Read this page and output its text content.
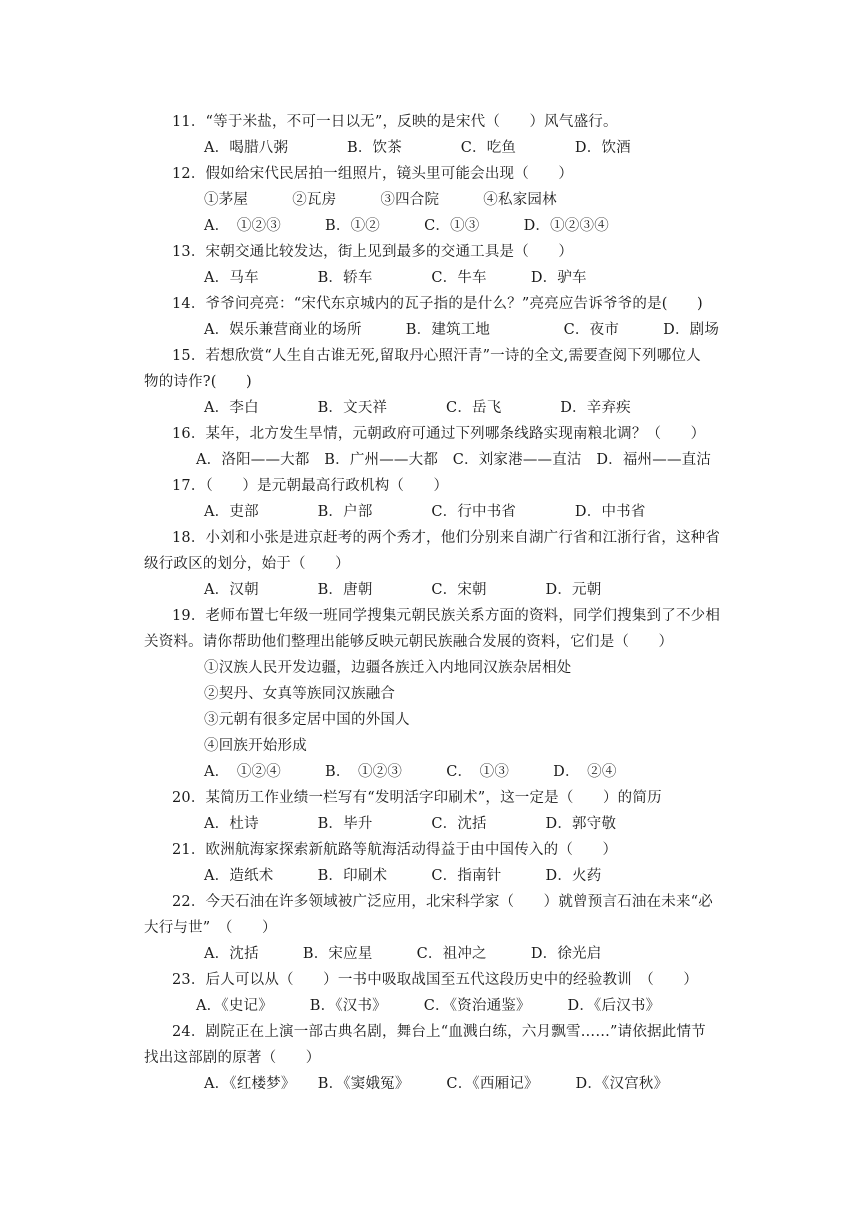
11．“等于米盐，不可一日以无”，反映的是宋代（　　）风气盛行。
A．喝腊八粥　　　　B．饮茶　　　　C．吃鱼　　　　D．饮酒
12．假如给宋代民居拍一组照片，镜头里可能会出现（　　）
①茅屋　　　②瓦房　　　③四合院　　　④私家园林
A．　①②③　　　B．①②　　　C．①③　　　D．①②③④
13．宋朝交通比较发达，街上见到最多的交通工具是（　　）
A．马车　　　　B．轿车　　　　C．牛车　　　D．驴车
14．爷爷问亮亮：“宋代东京城内的瓦子指的是什么？”亮亮应告诉爷爷的是(　　)
A．娱乐兼营商业的场所　　　B．建筑工地　　　　　C．夜市　　　D．剧场
15．若想欣赏“人生自古谁无死,留取丹心照汗青”一诗的全文,需要查阅下列哪位人
物的诗作?(　　)
A．李白　　　　B．文天祥　　　　C．岳飞　　　　D．辛弃疾
16．某年，北方发生旱情，元朝政府可通过下列哪条线路实现南粮北调？（　　）
A．洛阳——大都　B．广州——大都　C．刘家港——直沽　D．福州——直沽
17．（　　）是元朝最高行政机构（　　）
A．吏部　　　　B．户部　　　　C．行中书省　　　　D．中书省
18．小刘和小张是进京赶考的两个秀才，他们分别来自湖广行省和江浙行省，这种省
级行政区的划分，始于（　　）
A．汉朝　　　　B．唐朝　　　　C．宋朝　　　　D．元朝
19．老师布置七年级一班同学搜集元朝民族关系方面的资料，同学们搜集到了不少相
关资料。请你帮助他们整理出能够反映元朝民族融合发展的资料，它们是（　　）
①汉族人民开发边疆，边疆各族迁入内地同汉族杂居相处
②契丹、女真等族同汉族融合
③元朝有很多定居中国的外国人
④回族开始形成
A．　①②④　　　B．　①②③　　　C．　①③　　　D．　②④
20．某简历工作业绩一栏写有“发明活字印刷术”，这一定是（　　）的简历
A．杜诗　　　　B．毕升　　　　C．沈括　　　　D．郭守敬
21．欧洲航海家探索新航路等航海活动得益于由中国传入的（　　）
A．造纸术　　　B．印刷术　　　C．指南针　　　D．火药
22．今天石油在许多领域被广泛应用，北宋科学家（　　）就曾预言石油在未来“必
大行与世”　（　　）
A．沈括　　　B．宋应星　　　C．祖冲之　　　D．徐光启
23．后人可以从（　　）一书中吸取战国至五代这段历史中的经验教训　（　　）
A．《史记》　　　B．《汉书》　　　C．《资治通鉴》　　　D．《后汉书》
24．剧院正在上演一部古典名剧，舞台上“血溅白练，六月飘雪……”请依据此情节
找出这部剧的原著（　　）
A．《红楼梦》　　B．《窦娥冤》　　　C．《西厢记》　　　D．《汉宫秋》
